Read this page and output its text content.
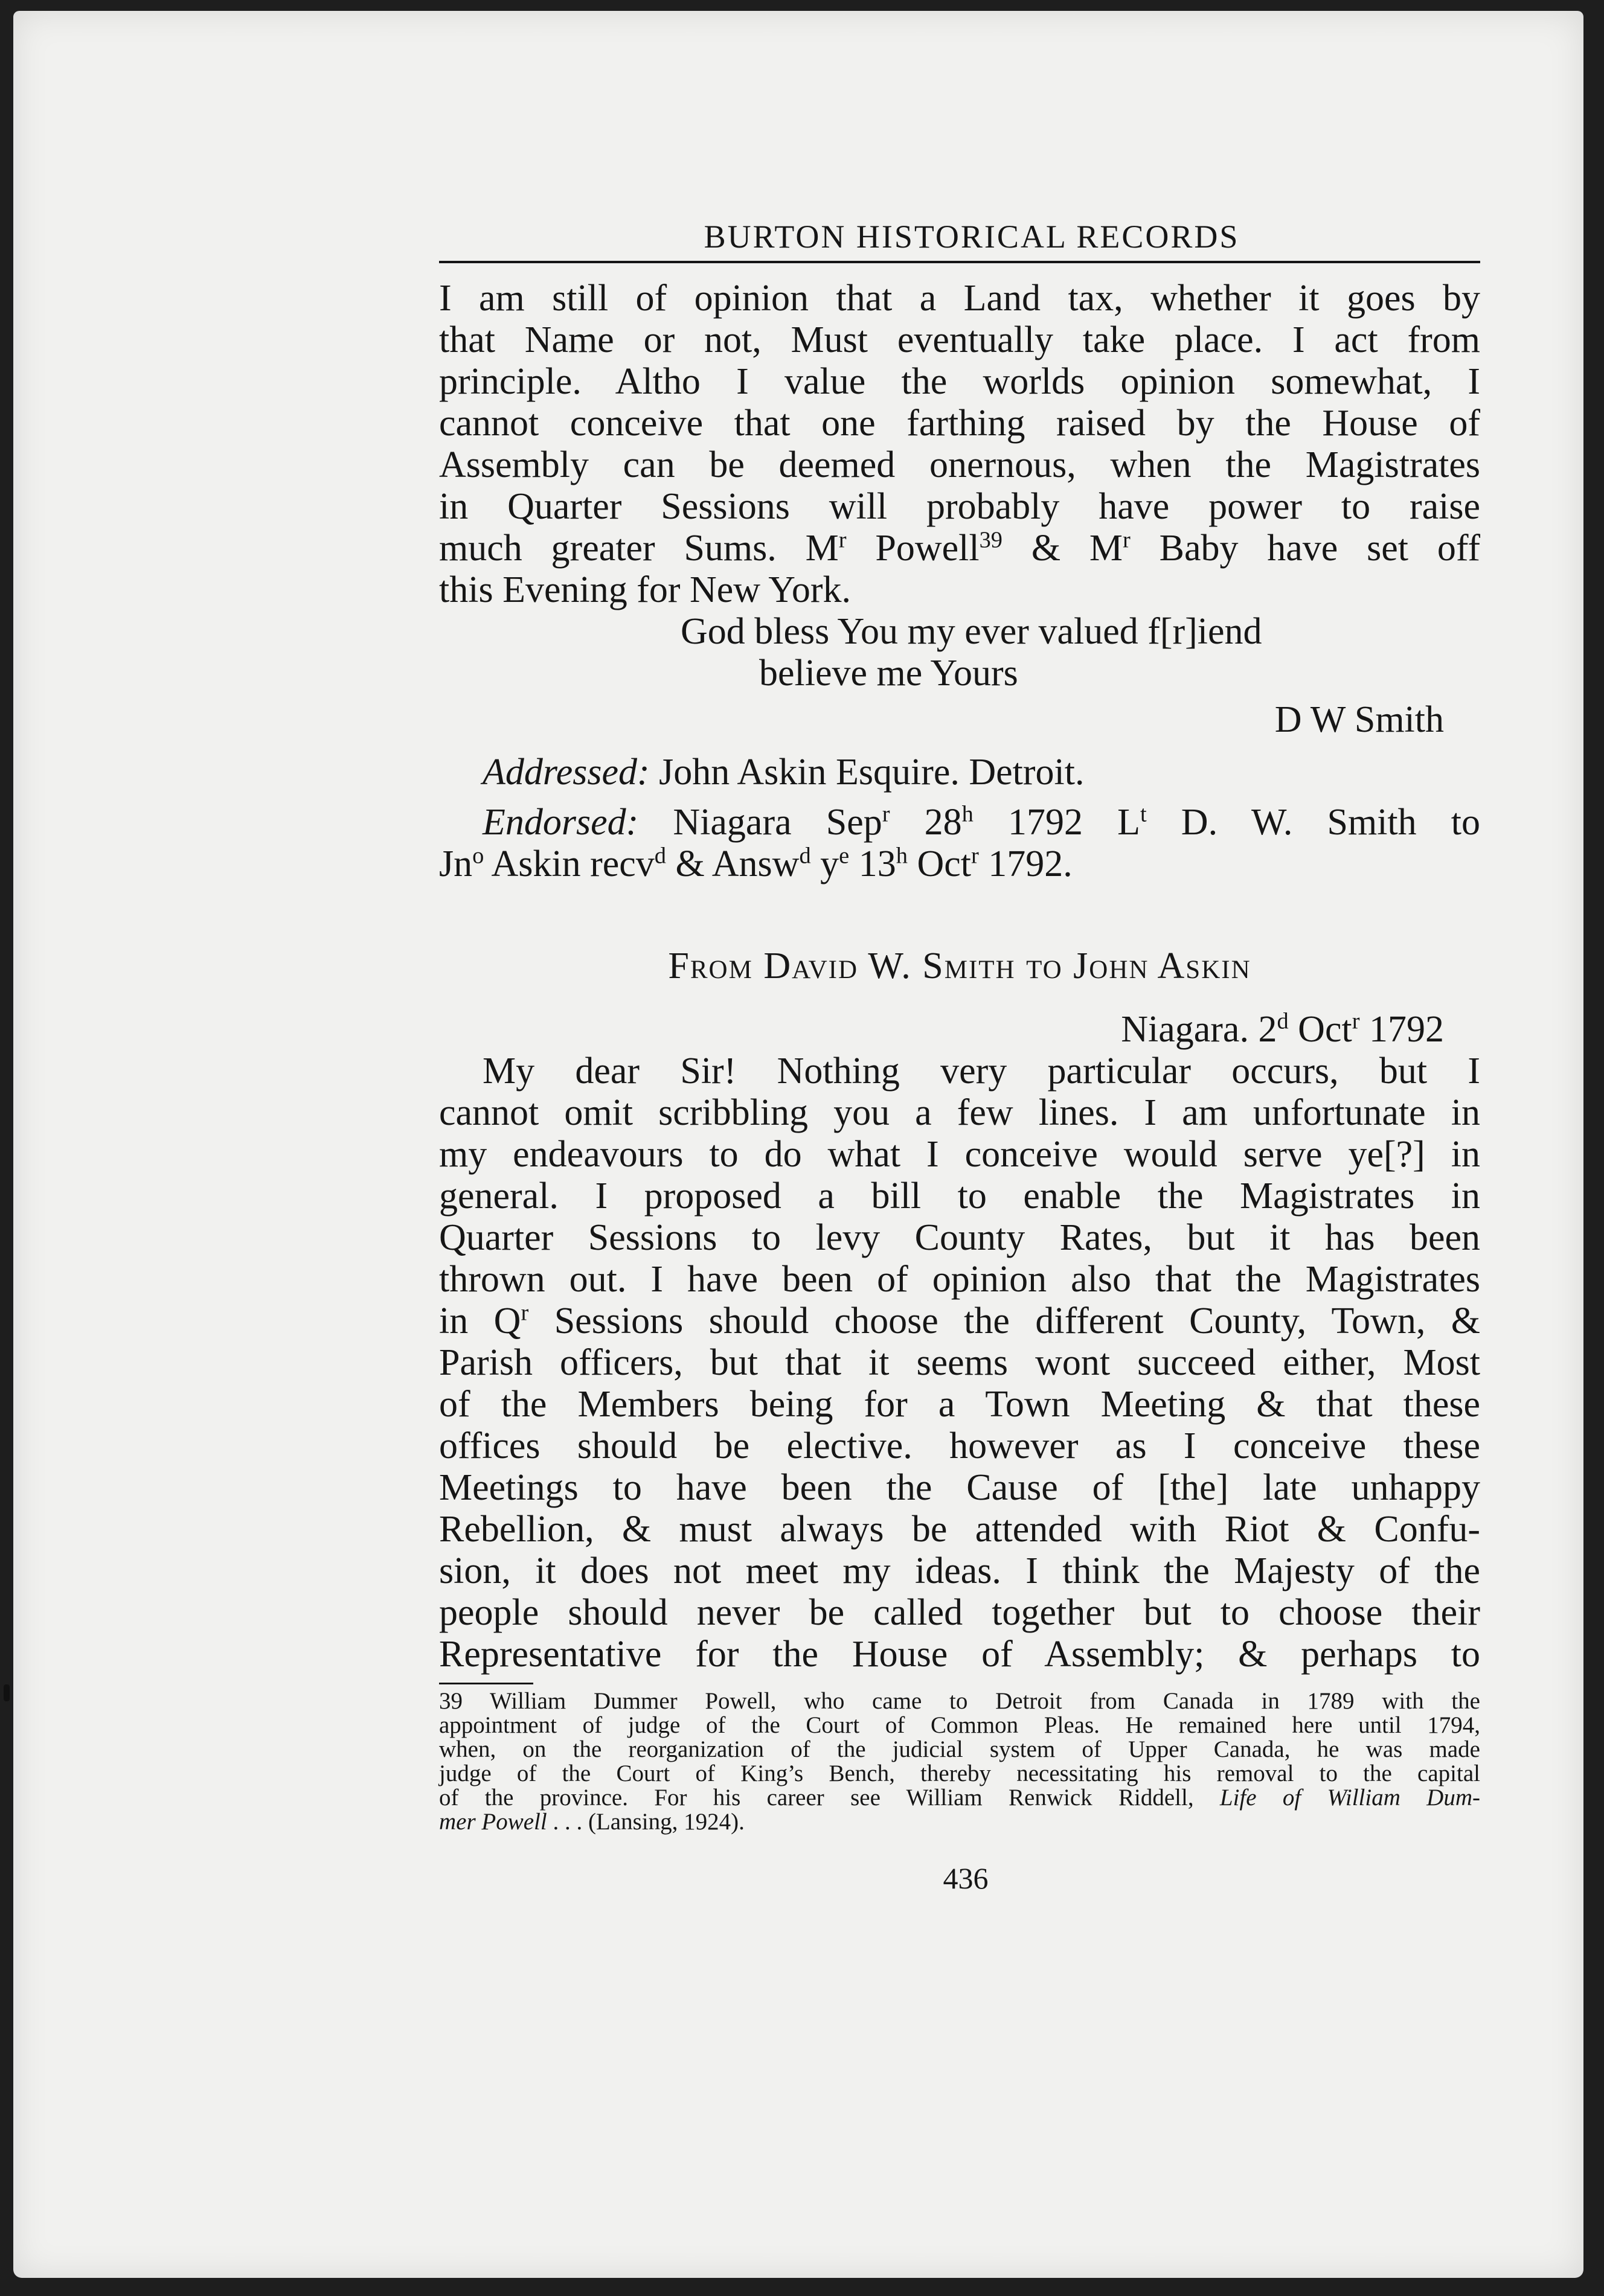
BURTON HISTORICAL RECORDS

I am still of opinion that a Land tax, whether it goes by

that Name or not, Must eventually take place. I act from

principle. Altho I value the worlds opinion somewhat, I

cannot conceive that one farthing raised by the House of

Assembly can be deemed onernous, when the Magistrates

in Quarter Sessions will probably have power to raise

much greater Sums. $M^r$ Powell$^{39}$ & $M^r$ Baby have set off

this Evening for New York.

God bless You my ever valued f[r]iend

believe me Yours

D W Smith

Addressed: John Askin Esquire. Detroit.

Endorsed: Niagara Sep$^r$ 28$^h$ 1792 $L^t$ D. W. Smith to

Jn$^o$ Askin recv$^d$ & Answ$^d$ $y^e$ 13$^h$ Oct$^r$ 1792.

From David W. Smith to John Askin

Niagara. 2$^d$ Oct$^r$ 1792

My dear Sir! Nothing very particular occurs, but I

cannot omit scribbling you a few lines. I am unfortunate in

my endeavours to do what I conceive would serve ye[?] in

general. I proposed a bill to enable the Magistrates in

Quarter Sessions to levy County Rates, but it has been

thrown out. I have been of opinion also that the Magistrates

in $Q^r$ Sessions should choose the different County, Town, &

Parish officers, but that it seems wont succeed either, Most

of the Members being for a Town Meeting & that these

offices should be elective. however as I conceive these

Meetings to have been the Cause of [the] late unhappy

Rebellion, & must always be attended with Riot & Confu-

sion, it does not meet my ideas. I think the Majesty of the

people should never be called together but to choose their

Representative for the House of Assembly; & perhaps to

39 William Dummer Powell, who came to Detroit from Canada in 1789 with the

appointment of judge of the Court of Common Pleas. He remained here until 1794,

when, on the reorganization of the judicial system of Upper Canada, he was made

judge of the Court of King’s Bench, thereby necessitating his removal to the capital

of the province. For his career see William Renwick Riddell, Life of William Dum-

mer Powell . . . (Lansing, 1924).

436
